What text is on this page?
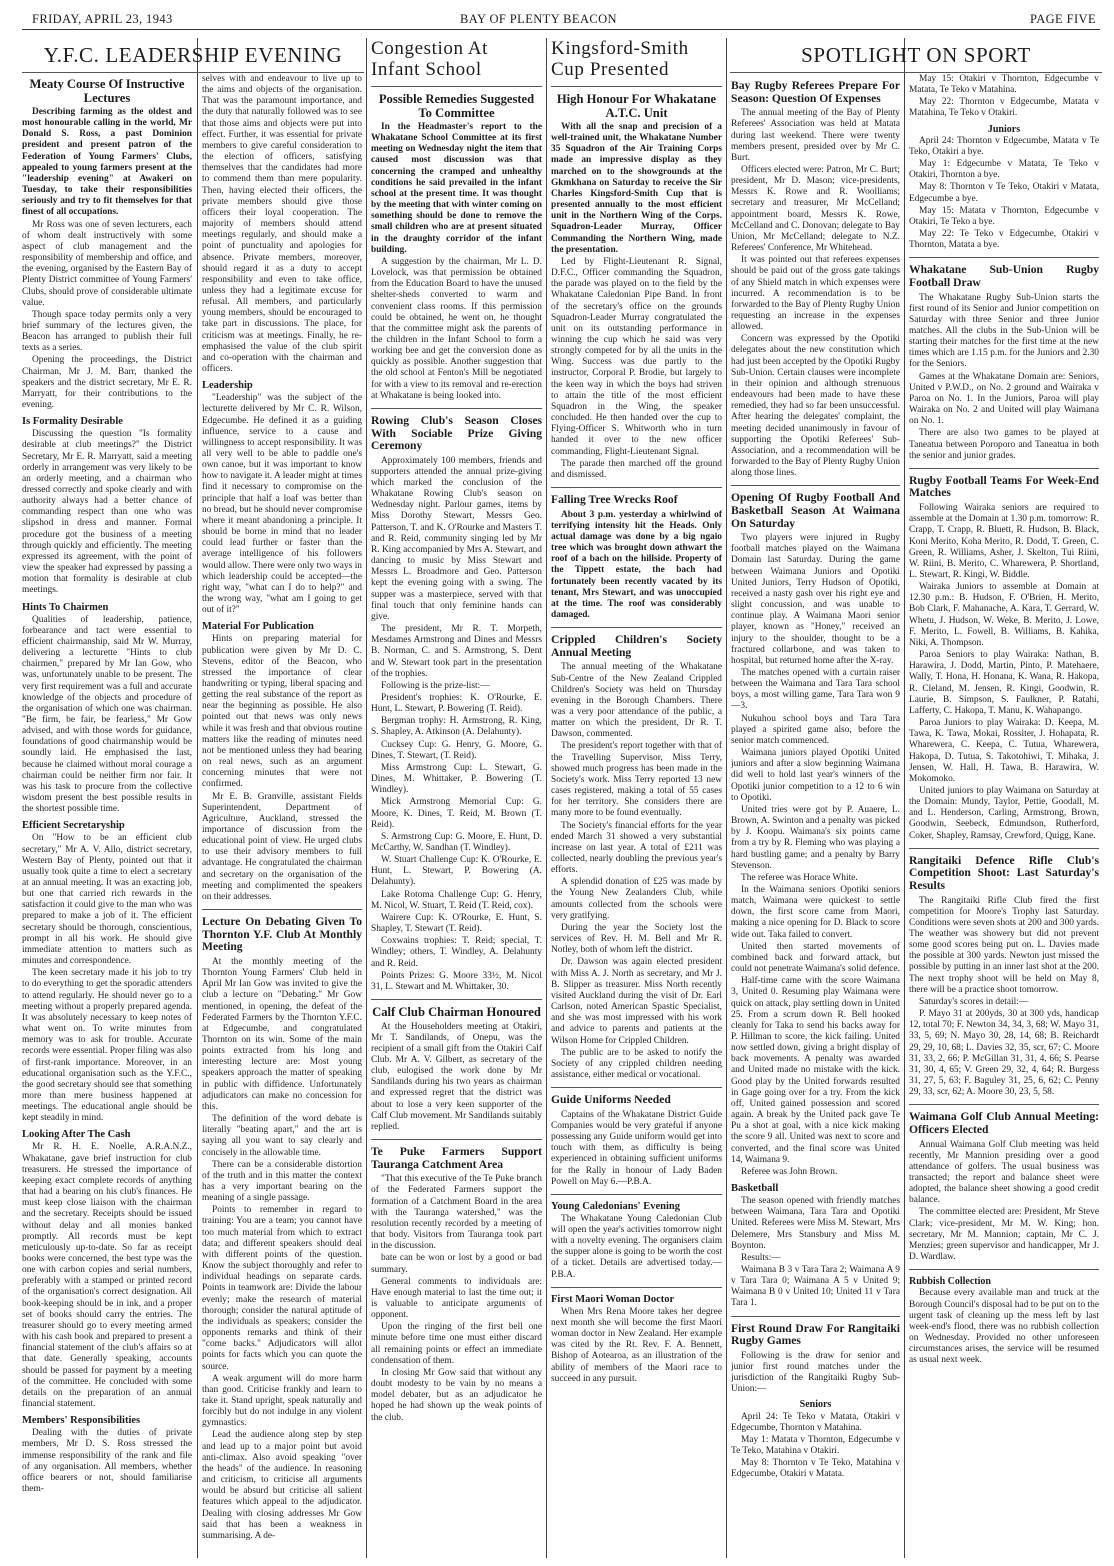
FRIDAY, APRIL 23, 1943	BAY OF PLENTY BEACON	PAGE FIVE
Y.F.C. LEADERSHIP EVENING	SPOTLIGHT ON SPORT
Meaty Course Of Instructive Lectures

Describing farming as the oldest and most honourable calling in the world, Mr Donald S. Ross, a past Dominion president and present patron of the Federation of Young Farmers' Clubs, appealed to young farmers present at the "leadership evening" at Awakeri on Tuesday, to take their responsibilities seriously and try to fit themselves for that finest of all occupations.

Mr Ross was one of seven lecturers, each of whom dealt instructively with some aspect of club management and the responsibility of membership and office, and the evening, organised by the Eastern Bay of Plenty District committee of Young Farmers' Clubs, should prove of considerable ultimate value.

Though space today permits only a very brief summary of the lectures given, the Beacon has arranged to publish their full texts as a series.

Opening the proceedings, the District Chairman, Mr J. M. Barr, thanked the speakers and the district secretary, Mr E. R. Marryatt, for their contributions to the evening.

Is Formality Desirable

Discussing the question "Is formality desirable at club meetings?" the District Secretary, Mr E. R. Marryatt, said a meeting orderly in arrangement was very likely to be an orderly meeting, and a chairman who dressed correctly and spoke clearly and with authority always had a better chance of commanding respect than one who was slipshod in dress and manner. Formal procedure got the business of a meeting through quickly and efficiently. The meeting expressed its agreement, with the point of view the speaker had expressed by passing a motion that formality is desirable at club meetings.

Hints To Chairmen

Qualities of leadership, patience, forbearance and tact were essential to efficient chairmanship, said Mr W. Murray, delivering a lecturette "Hints to club chairmen," prepared by Mr Ian Gow, who was, unfortunately unable to be present. The very first requirement was a full and accurate knowledge of the objects and procedure of the organisation of which one was chairman. "Be firm, be fair, be fearless," Mr Gow advised, and with those words for guidance, foundations of good chairmanship would be soundly laid. He emphasised the last, because he claimed without moral courage a chairman could be neither firm nor fair. It was his task to procure from the collective wisdom present the best possible results in the shortest possible time.

Efficient Secretaryship

On "How to be an efficient club secretary," Mr A. V. Allo, district secretary, Western Bay of Plenty, pointed out that it usually took quite a time to elect a secretary at an annual meeting. It was an exacting job, but one that carried rich rewards in the satisfaction it could give to the man who was prepared to make a job of it. The efficient secretary should be thorough, conscientious, prompt in all his work. He should give immediate attention to matters such as minutes and correspondence.

The keen secretary made it his job to try to do everything to get the sporadic attenders to attend regularly. He should never go to a meeting without a properly prepared agenda. It was absolutely necessary to keep notes of what went on. To write minutes from memory was to ask for trouble. Accurate records were essential. Proper filing was also of first-rank importance. Moreover, in an educational organisation such as the Y.F.C., the good secretary should see that something more than mere business happened at meetings. The educational angle should be kept steadily in mind.

Looking After The Cash

Mr R. H. E. Noelle, A.R.A.N.Z., Whakatane, gave brief instruction for club treasurers. He stressed the importance of keeping exact complete records of anything that had a bearing on his club's finances. He must keep close liaison with the chairman and the secretary. Receipts should be issued without delay and all monies banked promptly. All records must be kept meticulously up-to-date. So far as receipt books were concerned, the best type was the one with carbon copies and serial numbers, preferably with a stamped or printed record of the organisation's correct designation. All book-keeping should be in ink, and a proper set of books should carry the entries. The treasurer should go to every meeting armed with his cash book and prepared to present a financial statement of the club's affairs so at that date. Generally speaking, accounts should be passed for payment by a meeting of the committee. He concluded with some details on the preparation of an annual financial statement.

Members' Responsibilities

Dealing with the duties of private members, Mr D. S. Ross stressed the immense responsibility of the rank and file of any organisation. All members, whether office bearers or not, should familiarise them-

selves with and endeavour to live up to the aims and objects of the organisation. That was the paramount importance, and the duty that naturally followed was to see that those aims and objects were put into effect. Further, it was essential for private members to give careful consideration to the election of officers, satisfying themselves that the candidates had more to commend them than mere popularity. Then, having elected their officers, the private members should give those officers their loyal cooperation. The majority of members should attend meetings regularly, and should make a point of punctuality and apologies for absence. Private members, moreover, should regard it as a duty to accept responsibility and even to take office, unless they had a legitimate excuse for refusal. All members, and particularly young members, should be encouraged to take part in discussions. The place, for criticism was at meetings. Finally, he re-emphasised the value of the club spirit and co-operation with the chairman and officers.

Leadership

"Leadership" was the subject of the lecturette delivered by Mr C. R. Wilson, Edgecumbe. He defined it as a guiding influence, service to a cause and willingness to accept responsibility. It was all very well to be able to paddle one's own canoe, but it was important to know how to navigate it. A leader might at times find it necessary to compromise on the principle that half a loaf was better than no bread, but he should never compromise where it meant abandoning a principle. It should be borne in mind that no leader could lead further or faster than the average intelligence of his followers would allow. There were only two ways in which leadership could be accepted—the right way, "what can I do to help?" and the wrong way, "what am I going to get out of it?"

Material For Publication

Hints on preparing material for publication were given by Mr D. C. Stevens, editor of the Beacon, who stressed the importance of clear handwriting or typing, liberal spacing and getting the real substance of the report as near the beginning as possible. He also pointed out that news was only news while it was fresh and that obvious routine matters like the reading of minutes need not be mentioned unless they had bearing on real news, such as an argument concerning minutes that were not confirmed.

Mr E. B. Granville, assistant Fields Superintendent, Department of Agriculture, Auckland, stressed the importance of discussion from the educational point of view. He urged clubs to use their advisory members to full advantage. He congratulated the chairman and secretary on the organisation of the meeting and complimented the speakers on their addresses.

Lecture On Debating Given To Thornton Y.F. Club At Monthly Meeting

At the monthly meeting of the Thornton Young Farmers' Club held in April Mr Ian Gow was invited to give the club a lecture on "Debating." Mr Gow mentioned, in opening, the defeat of the Federated Farmers by the Thornton Y.F.C. at Edgecumbe, and congratulated Thornton on its win. Some of the main points extracted from his long and interesting lecture are: Most young speakers approach the matter of speaking in public with diffidence. Unfortunately adjudicators can make no concession for this.

The definition of the word debate is literally "beating apart," and the art is saying all you want to say clearly and concisely in the allowable time.

There can be a considerable distortion of the truth and in this matter the context has a very important bearing on the meaning of a single passage.

Points to remember in regard to training: You are a team; you cannot have too much material from which to extract data; and different speakers should deal with different points of the question. Know the subject thoroughly and refer to individual headings on separate cards. Points in teamwork are: Divide the labour evenly; make the research of material thorough; consider the natural aptitude of the individuals as speakers; consider the opponents remarks and think of their "come backs." Adjudicators will allot points for facts which you can quote the source.

A weak argument will do more harm than good. Criticise frankly and learn to take it. Stand upright, speak naturally and forcibly but do not indulge in any violent gymnastics.

Lead the audience along step by step and lead up to a major point but avoid anti-climax. Also avoid speaking "over the heads" of the audience. In reasoning and criticism, to criticise all arguments would be absurd but criticise all salient features which appeal to the adjudicator. Dealing with closing addresses Mr Gow said that has been a weakness in summarising. A de-

Congestion At Infant School
Possible Remedies Suggested To Committee

In the Headmaster's report to the Whakatane School Committee at its first meeting on Wednesday night the item that caused most discussion was that concerning the cramped and unhealthy conditions he said prevailed in the infant school at the present time. It was thought by the meeting that with winter coming on something should be done to remove the small children who are at present situated in the draughty corridor of the infant building.

A suggestion by the chairman, Mr L. D. Lovelock, was that permission be obtained from the Education Board to have the unused shelter-sheds converted to warm and convenient class rooms. If this permission could be obtained, he went on, he thought that the committee might ask the parents of the children in the Infant School to form a working bee and get the conversion done as quickly as possible. Another suggestion that the old school at Fenton's Mill be negotiated for with a view to its removal and re-erection at Whakatane is being looked into.

Rowing Club's Season Closes With Sociable Prize Giving Ceremony

Approximately 100 members, friends and supporters attended the annual prize-giving which marked the conclusion of the Whakatane Rowing Club's season on Wednesday night. Parlour games, items by Miss Dorothy Stewart, Messrs Geo. Patterson, T. and K. O'Rourke and Masters T. and R. Reid, community singing led by Mr R. King accompanied by Mrs A. Stewart, and dancing to music by Miss Stewart and Messrs L. Broadmore and Geo. Patterson kept the evening going with a swing. The supper was a masterpiece, served with that final touch that only feminine hands can give.

The president, Mr R. T. Morpeth, Mesdames Armstrong and Dines and Messrs B. Norman, C. and S. Armstrong, S. Dent and W. Stewart took part in the presentation of the trophies.

Following is the prize-list:—

President's trophies: K. O'Rourke, E. Hunt, L. Stewart, P. Bowering (T. Reid).

Bergman trophy: H. Armstrong, R. King, S. Shapley, A. Atkinson (A. Delahunty).

Cucksey Cup: G. Henry, G. Moore, G. Dines, T. Stewart, (T. Reid).

Miss Armstrong Cup: L. Stewart, G. Dines, M. Whittaker, P. Bowering (T. Windley).

Mick Armstrong Memorial Cup: G. Moore, K. Dines, T. Reid, M. Brown (T. Reid).

S. Armstrong Cup: G. Moore, E. Hunt, D. McCarthy, W. Sandhan (T. Windley).

W. Stuart Challenge Cup: K. O'Rourke, E. Hunt, L. Stewart, P. Bowering (A. Delahunty).

Lake Rotoma Challenge Cup: G. Henry, M. Nicol, W. Stuart, T. Reid (T. Reid, cox).

Wairere Cup: K. O'Rourke, E. Hunt, S. Shapley, T. Stewart (T. Reid).

Coxwains trophies: T. Reid; special, T. Windley; others, T. Windley, A. Delahunty and R. Reid.

Points Prizes: G. Moore 33½, M. Nicol 31, L. Stewart and M. Whittaker, 30.

Calf Club Chairman Honoured

At the Householders meeting at Otakiri, Mr T. Sandilands, of Onepu, was the recipient of a small gift from the Otakiri Calf Club. Mr A. V. Gilbert, as secretary of the club, eulogised the work done by Mr Sandilands during his two years as chairman and expressed regret that the district was about to lose a very keen supporter of the Calf Club movement. Mr Sandilands suitably replied.

Te Puke Farmers Support Tauranga Catchment Area

"That this executive of the Te Puke branch of the Federated Farmers support the formation of a Catchment Board in the area with the Tauranga watershed," was the resolution recently recorded by a meeting of that body. Visitors from Tauranga took part in the discussion.

bate can be won or lost by a good or bad summary.

General comments to individuals are: Have enough material to last the time out; it is valuable to anticipate arguments of opponent.

Upon the ringing of the first bell one minute before time one must either discard all remaining points or effect an immediate condensation of them.

In closing Mr Gow said that without any doubt modesty to be vain by no means a model debater, but as an adjudicator he hoped he had shown up the weak points of the club.

Kingsford-Smith Cup Presented
High Honour For Whakatane A.T.C. Unit

With all the snap and precision of a well-trained unit, the Whakatane Number 35 Squadron of the Air Training Corps made an impressive display as they marched on to the showgrounds at the Gkmkhana on Saturday to receive the Sir Charles Kingsford-Smith Cup that is presented annually to the most efficient unit in the Northern Wing of the Corps. Squadron-Leader Murray, Officer Commanding the Northern Wing, made the presentation.

Led by Flight-Lieutenant R. Signal, D.F.C., Officer commanding the Squadron, the parade was played on to the field by the Whakatane Caledonian Pipe Band. In front of the secretary's office on the grounds Squadron-Leader Murray congratulated the unit on its outstanding performance in winning the cup which he said was very strongly competed for by all the units in the Wing. Success was due partly to the instructor, Corporal P. Brodie, but largely to the keen way in which the boys had striven to attain the title of the most efficient Squadron in the Wing, the speaker concluded. He then handed over the cup to Flying-Officer S. Whitworth who in turn handed it over to the new officer commanding, Flight-Lieutenant Signal.

The parade then marched off the ground and dismissed.

Falling Tree Wrecks Roof

About 3 p.m. yesterday a whirlwind of terrifying intensity hit the Heads. Only actual damage was done by a big ngaio tree which was brought down athwart the roof of a bach on the hillside. Property of the Tippett estate, the bach had fortunately been recently vacated by its tenant, Mrs Stewart, and was unoccupied at the time. The roof was considerably damaged.

Crippled Children's Society Annual Meeting

The annual meeting of the Whakatane Sub-Centre of the New Zealand Crippled Children's Society was held on Thursday evening in the Borough Chambers. There was a very poor attendance of the public, a matter on which the president, Dr R. T. Dawson, commented.

The president's report together with that of the Travelling Supervisor, Miss Terry, showed much progress has been made in the Society's work. Miss Terry reported 13 new cases registered, making a total of 55 cases for her territory. She considers there are many more to be found eventually.

The Society's financial efforts for the year ended March 31 showed a very substantial increase on last year. A total of £211 was collected, nearly doubling the previous year's efforts.

A splendid donation of £25 was made by the Young New Zealanders Club, while amounts collected from the schools were very gratifying.

During the year the Society lost the services of Rev. H. M. Bell and Mr R. Notley, both of whom left the district.

Dr. Dawson was again elected president with Miss A. J. North as secretary, and Mr J. B. Slipper as treasurer. Miss North recently visited Auckland during the visit of Dr. Earl Carlson, noted American Spastic Specialist, and she was most impressed with his work and advice to parents and patients at the Wilson Home for Crippled Children.

The public are to be asked to notify the Society of any crippled children needing assistance, either medical or vocational.

Guide Uniforms Needed

Captains of the Whakatane District Guide Companies would be very grateful if anyone possessing any Guide uniform would get into touch with them, as difficulty is being experienced in obtaining sufficient uniforms for the Rally in honour of Lady Baden Powell on May 6.—P.B.A.

Young Caledonians' Evening

The Whakatane Young Caledonian Club will open the year's activities tomorrow night with a novelty evening. The organisers claim the supper alone is going to be worth the cost of a ticket. Details are advertised today.—P.B.A.

First Maori Woman Doctor

When Mrs Rena Moore takes her degree next month she will become the first Maori woman doctor in New Zealand. Her example was cited by the Rt. Rev. F. A. Bennett, Bishop of Aotearoa, as an illustration of the ability of members of the Maori race to succeed in any pursuit.

Bay Rugby Referees Prepare For Season: Question Of Expenses

The annual meeting of the Bay of Plenty Referees' Association was held at Matata during last weekend. There were twenty members present, presided over by Mr C. Burt.

Officers elected were: Patron, Mr C. Burt; president, Mr D. Mason; vice-presidents, Messrs K. Rowe and R. Woolliams; secretary and treasurer, Mr McCelland; appointment board, Messrs K. Rowe, McCelland and C. Donovan; delegate to Bay Union, Mr McCelland; delegate to N.Z. Referees' Conference, Mr Whitehead.

It was pointed out that referees expenses should be paid out of the gross gate takings of any Shield match in which expenses were incurred. A recommendation is to be forwarded to the Bay of Plenty Rugby Union requesting an increase in the expenses allowed.

Concern was expressed by the Opotiki delegates about the new constitution which had just been accepted by the Opotiki Rugby Sub-Union. Certain clauses were incomplete in their opinion and although strenuous endeavours had been made to have these remedied, they had so far been unsuccessful. After hearing the delegates' complaint, the meeting decided unanimously in favour of supporting the Opotiki Referees' Sub-Association, and a recommendation will be forwarded to the Bay of Plenty Rugby Union along those lines.

Opening Of Rugby Football And Basketball Season At Waimana On Saturday

Two players were injured in Rugby football matches played on the Waimana Domain last Saturday. During the game between Waimana Juniors and Opotiki United Juniors, Terry Hudson of Opotiki, received a nasty gash over his right eye and slight concussion, and was unable to continue play. A Waimana Maori senior player, known as "Honey," received an injury to the shoulder, thought to be a fractured collarbone, and was taken to hospital, but returned home after the X-ray.

The matches opened with a curtain raiser between the Waimana and Tara Tara school boys, a most willing game, Tara Tara won 9—3.

Nukuhou school boys and Tara Tara played a spirited game also, before the senior match commenced.

Waimana juniors played Opotiki United juniors and after a slow beginning Waimana did well to hold last year's winners of the Opotiki junior competition to a 12 to 6 win to Opotiki.

United tries were got by P. Auaere, L. Brown, A. Swinton and a penalty was picked by J. Koopu. Waimana's six points came from a try by R. Fleming who was playing a hard bustling game; and a penalty by Barry Stevenson.

The referee was Horace White.

In the Waimana seniors Opotiki seniors match, Waimana were quickest to settle down, the first score came from Maori, making a nice opening for D. Black to score wide out. Taka failed to convert.

United then started movements of combined back and forward attack, but could not penetrate Waimana's solid defence.

Half-time came with the score Waimana 3, United 0. Resuming play Waimana were quick on attack, play settling down in United 25. From a scrum down R. Bell hooked cleanly for Taka to send his backs away for P. Hillman to score, the kick failing. United now settled down, giving a bright display of back movements. A penalty was awarded and United made no mistake with the kick. Good play by the United forwards resulted in Gage going over for a try. From the kick off, United gained possession and scored again. A break by the United pack gave Te Pu a shot at goal, with a nice kick making the score 9 all. United was next to score and converted, and the final score was United 14, Waimana 9.

Referee was John Brown.

Basketball

The season opened with friendly matches between Waimana, Tara Tara and Opotiki United. Referees were Miss M. Stewart, Mrs Delemere, Mrs Stansbury and Miss M. Boynton.

Results:—

Waimana B 3 v Tara Tara 2; Waimana A 9 v Tara Tara 0; Waimana A 5 v United 9; Waimana B 0 v United 10; United 11 v Tara Tara 1.

First Round Draw For Rangitaiki Rugby Games

Following is the draw for senior and junior first round matches under the jurisdiction of the Rangitaiki Rugby Sub-Union:—

Seniors

April 24: Te Teko v Matata, Otakiri v Edgecumbe, Thornton v Matahina.

May 1: Matata v Thornton, Edgecumbe v Te Teko, Matahina v Otakiri.

May 8: Thornton v Te Teko, Matahina v Edgecumbe, Otakiri v Matata.

May 15: Otakiri v Thornton, Edgecumbe v Matata, Te Teko v Matahina.

May 22: Thornton v Edgecumbe, Matata v Matahina, Te Teko v Otakiri.

Juniors

April 24: Thornton v Edgecumbe, Matata v Te Teko, Otakiri a bye.

May 1: Edgecumbe v Matata, Te Teko v Otakiri, Thornton a bye.

May 8: Thornton v Te Teko, Otakiri v Matata, Edgecumbe a bye.

May 15: Matata v Thornton, Edgecumbe v Otakiri, Te Teko a bye.

May 22: Te Teko v Edgecumbe, Otakiri v Thornton, Matata a bye.

Whakatane Sub-Union Rugby Football Draw

The Whakatane Rugby Sub-Union starts the first round of its Senior and Junior competition on Saturday with three Senior and three Junior matches. All the clubs in the Sub-Union will be starting their matches for the first time at the new times which are 1.15 p.m. for the Juniors and 2.30 for the Seniors.

Games at the Whakatane Domain are: Seniors, United v P.W.D., on No. 2 ground and Wairaka v Paroa on No. 1. In the Juniors, Paroa will play Wairaka on No. 2 and United will play Waimana on No. 1.

There are also two games to be played at Taneatua between Poroporo and Taneatua in both the senior and junior grades.

Rugby Football Teams For Week-End Matches

Following Wairaka seniors are required to assemble at the Domain at 1.30 p.m. tomorrow: R. Crapp, T. Crapp, R. Bluett, R. Hudson, B. Black, Koni Merito, Koha Merito, R. Dodd, T. Green, C. Green, R. Williams, Asher, J. Skelton, Tui Riini, W. Riini, B. Merito, C. Wharewera, P. Shortland, L. Stewart, R. Kingi, W. Biddle.

Wairaka Juniors to assemble at Domain at 12.30 p.m.: B. Hudson, F. O'Brien, H. Merito, Bob Clark, F. Mahanache, A. Kara, T. Gerrard, W. Whetu, J. Hudson, W. Weke, B. Merito, J. Lowe, F. Merito, L. Fowell, B. Williams, B. Kahika, Niki, A. Thompson.

Paroa Seniors to play Wairaka: Nathan, B. Harawira, J. Dodd, Martin, Pinto, P. Matehaere, Wally, T. Hona, H. Honana, K. Wana, R. Hakopa, R. Cleland, M. Jensen, R. Kingi, Goodwin, R. Laurie, B. Simpson, S. Faulkner, P. Ratahi, Lafferty, C. Hakopa, T. Manu, K. Wahapango.

Paroa Juniors to play Wairaka: D. Keepa, M. Tawa, K. Tawa, Mokai, Rossiter, J. Hohapata, R. Wharewera, C. Keepa, C. Tutua, Wharewera, Hakopa, D. Tutua, S. Takotohiwi, T. Mihaka, J. Jensen, W. Hall, H. Tawa, B. Harawira, W. Mokomoko.

United juniors to play Waimana on Saturday at the Domain: Mundy, Taylor, Pettie, Goodall, M. and L. Henderson, Carling, Armstrong, Brown, Goodwin, Seebeck, Edmundson, Rutherford, Coker, Shapley, Ramsay, Crewford, Quigg, Kane.

Rangitaiki Defence Rifle Club's Competition Shoot: Last Saturday's Results

The Rangitaiki Rifle Club fired the first competition for Moore's Trophy last Saturday. Conditions were seven shots at 200 and 300 yards. The weather was showery but did not prevent some good scores being put on. L. Davies made the possible at 300 yards. Newton just missed the possible by putting in an inner last shot at the 200. The next trophy shoot will be held on May 8, there will be a practice shoot tomorrow.

Saturday's scores in detail:—

P. Mayo 31 at 200yds, 30 at 300 yds, handicap 12, total 70; F. Newton 34, 34, 3, 68; W. Mayo 31, 33, 5, 69; N. Mayo 30, 28, 14, 68; B. Reichardt 29, 29, 10, 68; L. Davies 32, 35, scr, 67; C. Moore 31, 33, 2, 66; P. McGillan 31, 31, 4, 66; S. Pearse 31, 30, 4, 65; V. Green 29, 32, 4, 64; R. Burgess 31, 27, 5, 63; F. Baguley 31, 25, 6, 62; C. Penny 29, 33, scr, 62; A. Moore 30, 23, 5, 58.

Waimana Golf Club Annual Meeting: Officers Elected

Annual Waimana Golf Club meeting was held recently, Mr Mannion presiding over a good attendance of golfers. The usual business was transacted; the report and balance sheet were adopted, the balance sheet showing a good credit balance.

The committee elected are: President, Mr Steve Clark; vice-president, Mr M. W. King; hon. secretary, Mr M. Mannion; captain, Mr C. J. Menzies; green supervisor and handicapper, Mr J. D. Wardlaw.

Rubbish Collection

Because every available man and truck at the Borough Council's disposal had to be put on to the urgent task of cleaning up the mess left by last week-end's flood, there was no rubbish collection on Wednesday. Provided no other unforeseen circumstances arises, the service will be resumed as usual next week.
